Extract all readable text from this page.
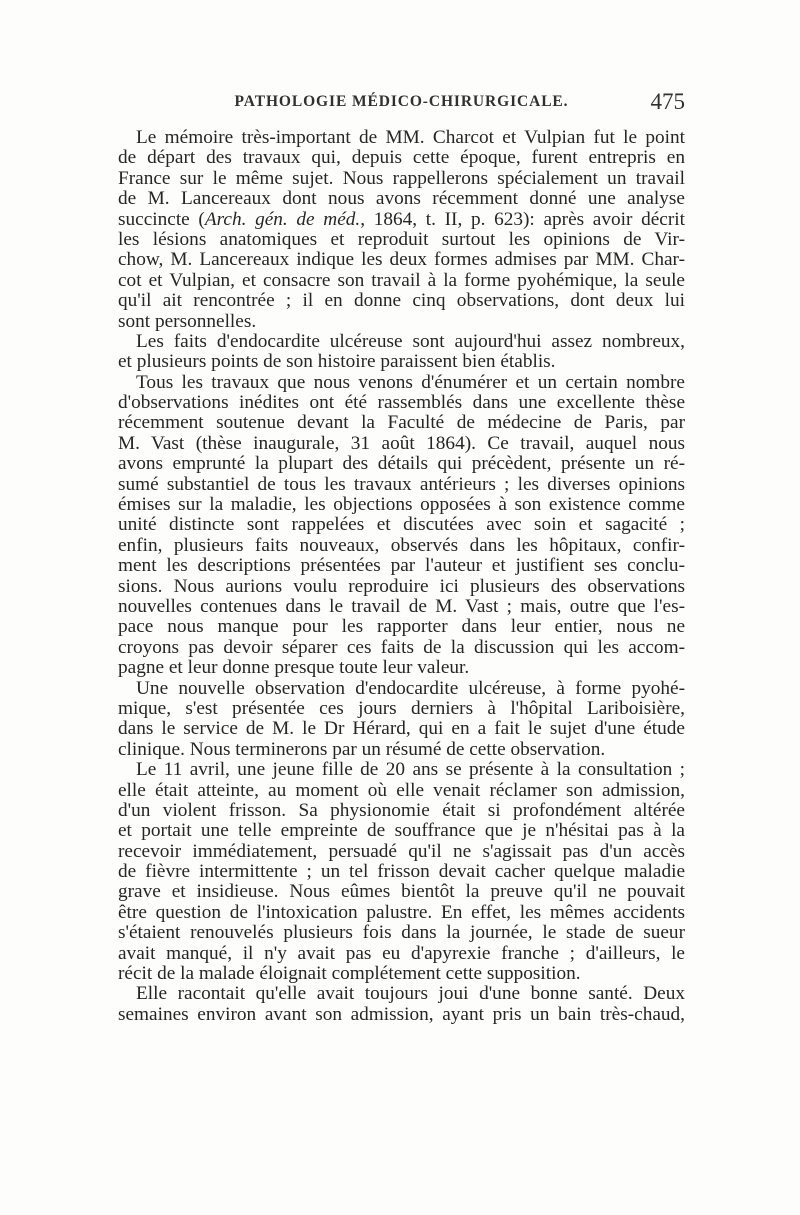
PATHOLOGIE MÉDICO-CHIRURGICALE.	475
Le mémoire très-important de MM. Charcot et Vulpian fut le point
de départ des travaux qui, depuis cette époque, furent entrepris en
France sur le même sujet. Nous rappellerons spécialement un travail
de M. Lancereaux dont nous avons récemment donné une analyse
succincte (Arch. gén. de méd., 1864, t. II, p. 623): après avoir décrit
les lésions anatomiques et reproduit surtout les opinions de Vir-
chow, M. Lancereaux indique les deux formes admises par MM. Char-
cot et Vulpian, et consacre son travail à la forme pyohémique, la seule
qu'il ait rencontrée ; il en donne cinq observations, dont deux lui
sont personnelles.
Les faits d'endocardite ulcéreuse sont aujourd'hui assez nombreux,
et plusieurs points de son histoire paraissent bien établis.
Tous les travaux que nous venons d'énumérer et un certain nombre
d'observations inédites ont été rassemblés dans une excellente thèse
récemment soutenue devant la Faculté de médecine de Paris, par
M. Vast (thèse inaugurale, 31 août 1864). Ce travail, auquel nous
avons emprunté la plupart des détails qui précèdent, présente un ré-
sumé substantiel de tous les travaux antérieurs ; les diverses opinions
émises sur la maladie, les objections opposées à son existence comme
unité distincte sont rappelées et discutées avec soin et sagacité ;
enfin, plusieurs faits nouveaux, observés dans les hôpitaux, confir-
ment les descriptions présentées par l'auteur et justifient ses conclu-
sions. Nous aurions voulu reproduire ici plusieurs des observations
nouvelles contenues dans le travail de M. Vast ; mais, outre que l'es-
pace nous manque pour les rapporter dans leur entier, nous ne
croyons pas devoir séparer ces faits de la discussion qui les accom-
pagne et leur donne presque toute leur valeur.
Une nouvelle observation d'endocardite ulcéreuse, à forme pyohé-
mique, s'est présentée ces jours derniers à l'hôpital Lariboisière,
dans le service de M. le Dr Hérard, qui en a fait le sujet d'une étude
clinique. Nous terminerons par un résumé de cette observation.
Le 11 avril, une jeune fille de 20 ans se présente à la consultation ;
elle était atteinte, au moment où elle venait réclamer son admission,
d'un violent frisson. Sa physionomie était si profondément altérée
et portait une telle empreinte de souffrance que je n'hésitai pas à la
recevoir immédiatement, persuadé qu'il ne s'agissait pas d'un accès
de fièvre intermittente ; un tel frisson devait cacher quelque maladie
grave et insidieuse. Nous eûmes bientôt la preuve qu'il ne pouvait
être question de l'intoxication palustre. En effet, les mêmes accidents
s'étaient renouvelés plusieurs fois dans la journée, le stade de sueur
avait manqué, il n'y avait pas eu d'apyrexie franche ; d'ailleurs, le
récit de la malade éloignait complétement cette supposition.
Elle racontait qu'elle avait toujours joui d'une bonne santé. Deux
semaines environ avant son admission, ayant pris un bain très-chaud,
